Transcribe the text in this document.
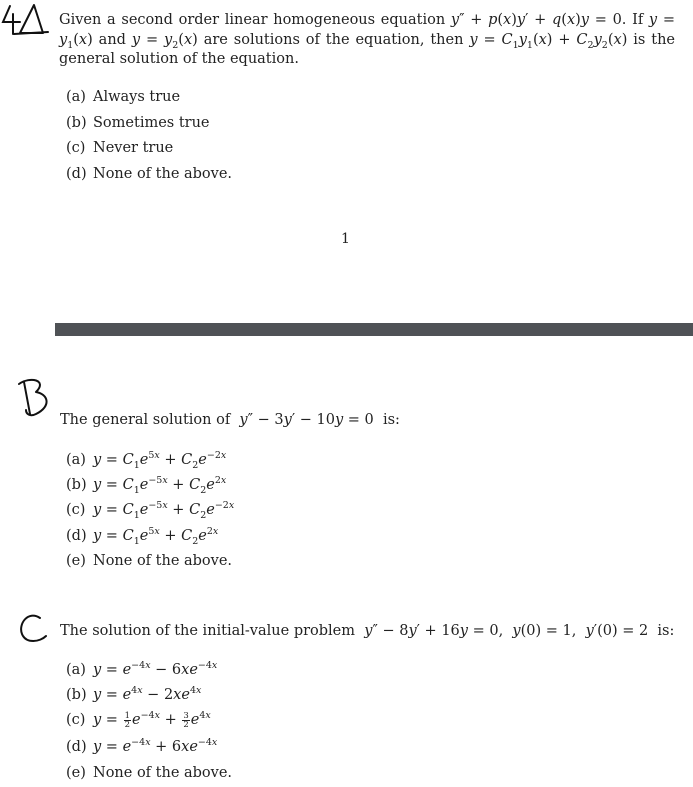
Given a second order linear homogeneous equation y″ + p(x)y′ + q(x)y = 0. If $y = y_1(x)$ and $y = y_2(x)$ are solutions of the equation, then $y = C_1y_1(x) + C_2y_2(x)$ is the general solution of the equation.
(a) Always true
(b) Sometimes true
(c) Never true
(d) None of the above.
1
The general solution of  y″ − 3y′ − 10y = 0  is:
(a) $y = C_1e^{5x} + C_2e^{-2x}$
(b) $y = C_1e^{-5x} + C_2e^{2x}$
(c) $y = C_1e^{-5x} + C_2e^{-2x}$
(d) $y = C_1e^{5x} + C_2e^{2x}$
(e) None of the above.
The solution of the initial-value problem  y″ − 8y′ + 16y = 0,  y(0) = 1,  y′(0) = 2  is:
(a) $y = e^{-4x} - 6xe^{-4x}$
(b) $y = e^{4x} - 2xe^{4x}$
(c) $y = \frac{1}{2} e^{-4x} + \frac{3}{2} e^{4x}$
(d) $y = e^{-4x} + 6xe^{-4x}$
(e) None of the above.
